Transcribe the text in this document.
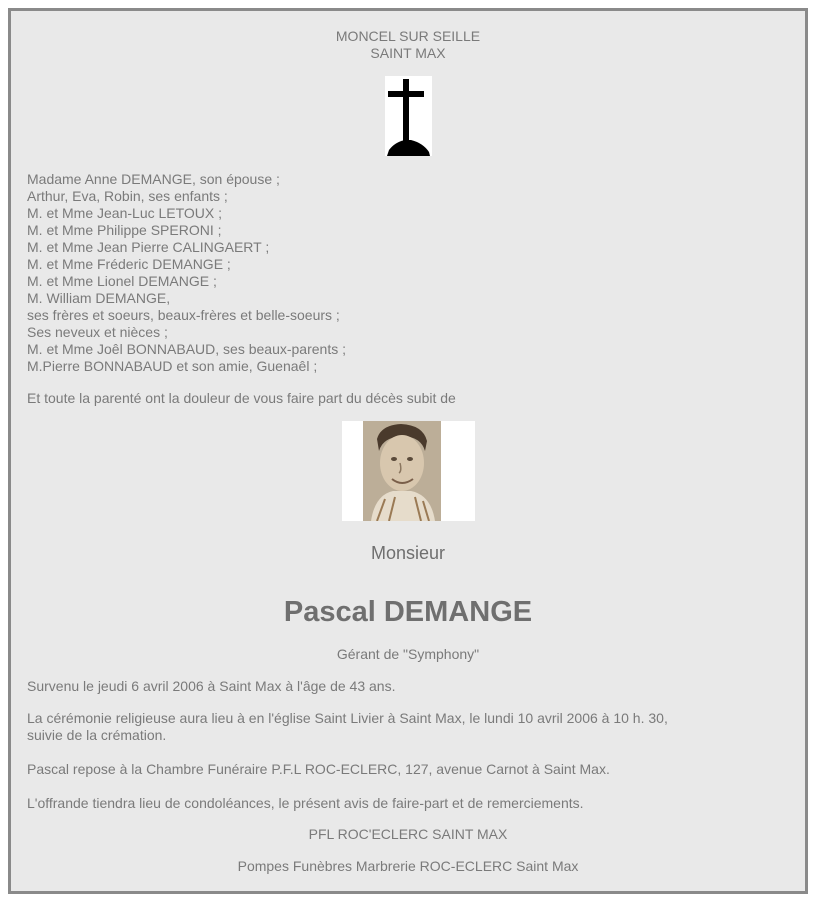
MONCEL SUR SEILLE
SAINT MAX
Madame Anne DEMANGE, son épouse ;
Arthur, Eva, Robin, ses enfants ;
M. et Mme Jean-Luc LETOUX ;
M. et Mme Philippe SPERONI ;
M. et Mme Jean Pierre CALINGAERT ;
M. et Mme Fréderic DEMANGE ;
M. et Mme Lionel DEMANGE ;
M. William DEMANGE,
ses frères et soeurs, beaux-frères et belle-soeurs ;
Ses neveux et nièces ;
M. et Mme Joêl BONNABAUD, ses beaux-parents ;
M.Pierre BONNABAUD et son amie, Guenaêl ;
Et toute la parenté ont la douleur de vous faire part du décès subit de
Monsieur
Pascal DEMANGE
Gérant de "Symphony"
Survenu le jeudi 6 avril 2006 à Saint Max à l'âge de 43 ans.
La cérémonie religieuse aura lieu à en l'église Saint Livier à Saint Max, le lundi 10 avril 2006 à 10 h. 30,
suivie de la crémation.
Pascal repose à la Chambre Funéraire P.F.L ROC-ECLERC, 127, avenue Carnot à Saint Max.
L'offrande tiendra lieu de condoléances, le présent avis de faire-part et de remerciements.
PFL ROC'ECLERC SAINT MAX
Pompes Funèbres Marbrerie ROC-ECLERC Saint Max
